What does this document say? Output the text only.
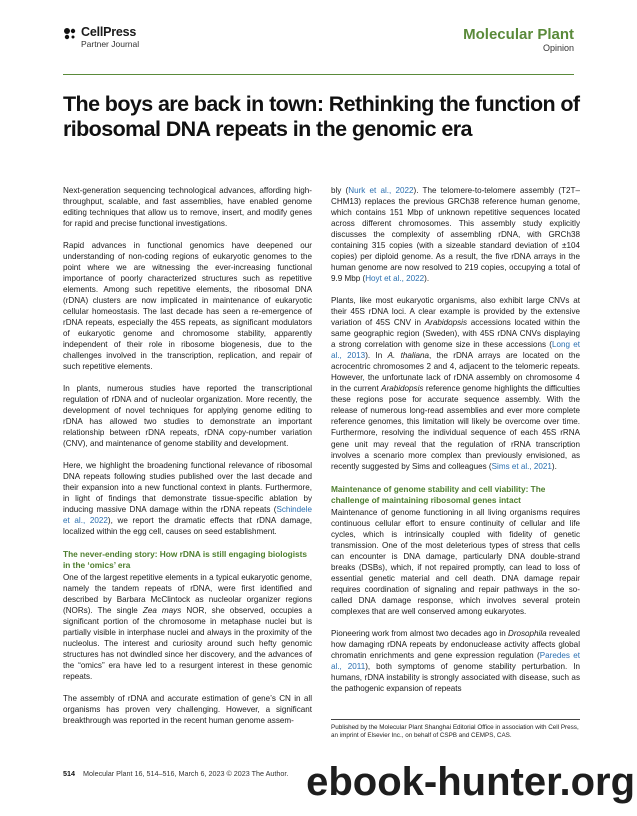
CellPress
Partner Journal
Molecular Plant
Opinion
The boys are back in town: Rethinking the function of ribosomal DNA repeats in the genomic era

Next-generation sequencing technological advances, affording high-throughput, scalable, and fast assemblies, have enabled genome editing techniques that allow us to remove, insert, and modify genes for rapid and precise functional investigations.

Rapid advances in functional genomics have deepened our understanding of non-coding regions of eukaryotic genomes to the point where we are witnessing the ever-increasing functional importance of poorly characterized structures such as repetitive elements. Among such repetitive elements, the ribosomal DNA (rDNA) clusters are now implicated in maintenance of eukaryotic cellular homeostasis. The last decade has seen a re-emergence of rDNA repeats, especially the 45S repeats, as significant modulators of eukaryotic genome and chromosome stability, apparently independent of their role in ribosome biogenesis, due to the challenges involved in the transcription, replication, and repair of such repetitive elements.

In plants, numerous studies have reported the transcriptional regulation of rDNA and of nucleolar organization. More recently, the development of novel techniques for applying genome editing to rDNA has allowed two studies to demonstrate an important relationship between rDNA repeats, rDNA copy-number variation (CNV), and maintenance of genome stability and development.

Here, we highlight the broadening functional relevance of ribosomal DNA repeats following studies published over the last decade and their expansion into a new functional context in plants. Furthermore, in light of findings that demonstrate tissue-specific ablation by inducing massive DNA damage within the rDNA repeats (Schindele et al., 2022), we report the dramatic effects that rDNA damage, localized within the egg cell, causes on seed establishment.

The never-ending story: How rDNA is still engaging biologists in the ‘omics’ era

One of the largest repetitive elements in a typical eukaryotic genome, namely the tandem repeats of rDNA, were first identified and described by Barbara McClintock as nucleolar organizer regions (NORs). The single Zea mays NOR, she observed, occupies a significant portion of the chromosome in metaphase nuclei but is partially visible in interphase nuclei and always in the proximity of the nucleolus. The interest and curiosity around such hefty genomic structures has not dwindled since her discovery, and the advances of the “omics” era have led to a resurgent interest in these genomic repeats.

The assembly of rDNA and accurate estimation of gene’s CN in all organisms has proven very challenging. However, a significant breakthrough was reported in the recent human genome assem-

bly (Nurk et al., 2022). The telomere-to-telomere assembly (T2T–CHM13) replaces the previous GRCh38 reference human genome, which contains 151 Mbp of unknown repetitive sequences located across different chromosomes. This assembly study explicitly discusses the complexity of assembling rDNA, with GRCh38 containing 315 copies (with a sizeable standard deviation of ±104 copies) per diploid genome. As a result, the five rDNA arrays in the human genome are now resolved to 219 copies, occupying a total of 9.9 Mbp (Hoyt et al., 2022).

Plants, like most eukaryotic organisms, also exhibit large CNVs at their 45S rDNA loci. A clear example is provided by the extensive variation of 45S CNV in Arabidopsis accessions located within the same geographic region (Sweden), with 45S rDNA CNVs displaying a strong correlation with genome size in these accessions (Long et al., 2013). In A. thaliana, the rDNA arrays are located on the acrocentric chromosomes 2 and 4, adjacent to the telomeric repeats. However, the unfortunate lack of rDNA assembly on chromosome 4 in the current Arabidopsis reference genome highlights the difficulties these regions pose for accurate sequence assembly. With the release of numerous long-read assemblies and ever more complete reference genomes, this limitation will likely be overcome over time. Furthermore, resolving the individual sequence of each 45S rRNA gene unit may reveal that the regulation of rRNA transcription involves a scenario more complex than previously envisioned, as recently suggested by Sims and colleagues (Sims et al., 2021).

Maintenance of genome stability and cell viability: The challenge of maintaining ribosomal genes intact

Maintenance of genome functioning in all living organisms requires continuous cellular effort to ensure continuity of cellular and life cycles, which is intrinsically coupled with fidelity of genetic transmission. One of the most deleterious types of stress that cells can encounter is DNA damage, particularly DNA double-strand breaks (DSBs), which, if not repaired promptly, can lead to loss of essential genetic material and cell death. DNA damage repair requires coordination of signaling and repair pathways in the so-called DNA damage response, which involves several protein complexes that are well conserved among eukaryotes.

Pioneering work from almost two decades ago in Drosophila revealed how damaging rDNA repeats by endonuclease activity affects global chromatin enrichments and gene expression regulation (Paredes et al., 2011), both symptoms of genome stability perturbation. In humans, rDNA instability is strongly associated with disease, such as the pathogenic expansion of repeats

Published by the Molecular Plant Shanghai Editorial Office in association with Cell Press, an imprint of Elsevier Inc., on behalf of CSPB and CEMPS, CAS.
514 Molecular Plant 16, 514–516, March 6, 2023 © 2023 The Author. ebook-hunter.org
